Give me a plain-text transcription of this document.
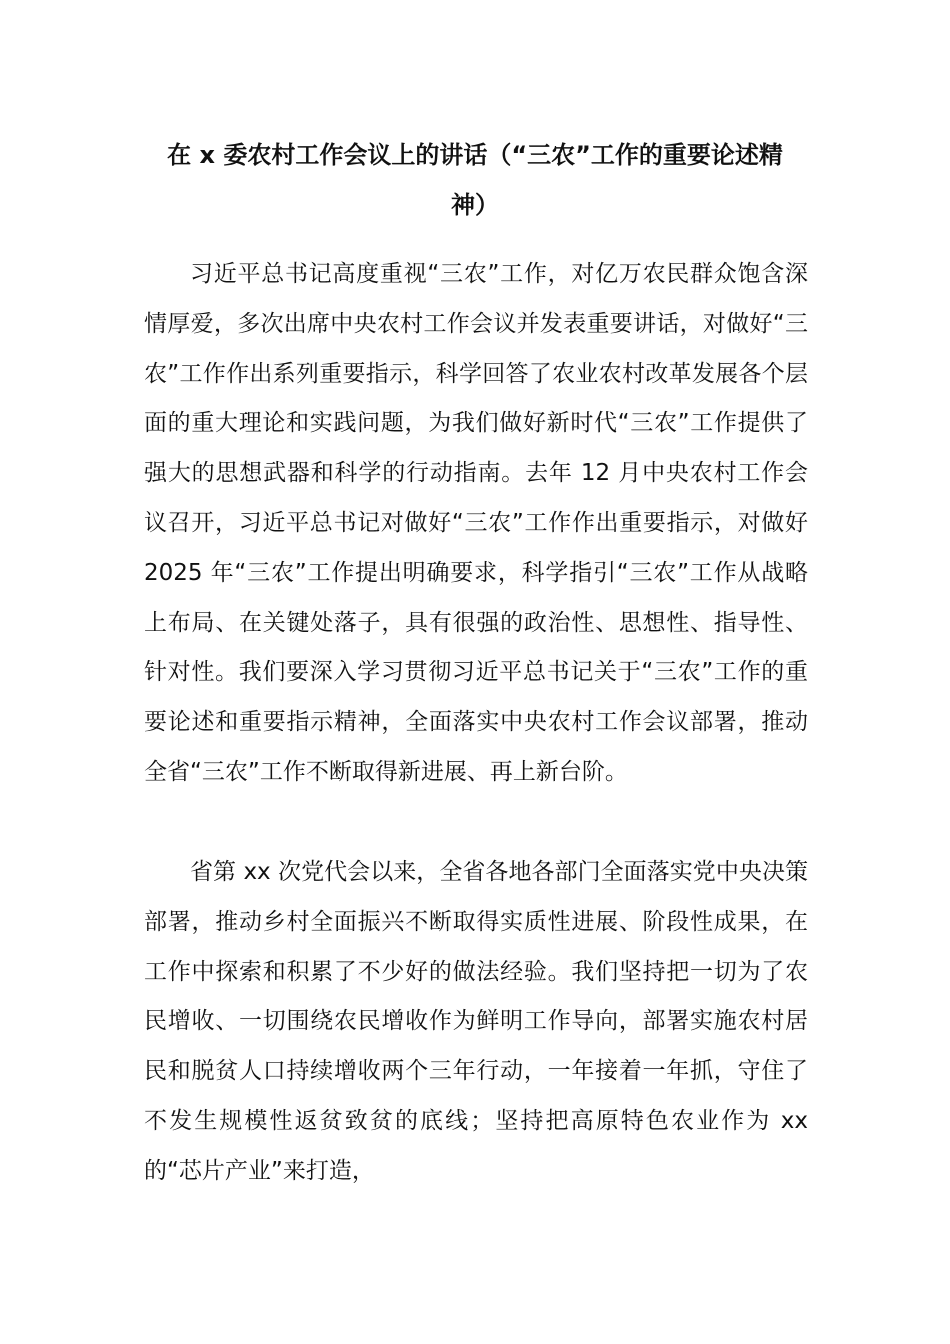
在 x 委农村工作会议上的讲话（“三农”工作的重要论述精神）

习近平总书记高度重视“三农”工作，对亿万农民群众饱含深情厚爱，多次出席中央农村工作会议并发表重要讲话，对做好“三农”工作作出系列重要指示，科学回答了农业农村改革发展各个层面的重大理论和实践问题，为我们做好新时代“三农”工作提供了强大的思想武器和科学的行动指南。去年 12 月中央农村工作会议召开，习近平总书记对做好“三农”工作作出重要指示，对做好 2025 年“三农”工作提出明确要求，科学指引“三农”工作从战略上布局、在关键处落子，具有很强的政治性、思想性、指导性、针对性。我们要深入学习贯彻习近平总书记关于“三农”工作的重要论述和重要指示精神，全面落实中央农村工作会议部署，推动全省“三农”工作不断取得新进展、再上新台阶。

省第 xx 次党代会以来，全省各地各部门全面落实党中央决策部署，推动乡村全面振兴不断取得实质性进展、阶段性成果，在工作中探索和积累了不少好的做法经验。我们坚持把一切为了农民增收、一切围绕农民增收作为鲜明工作导向，部署实施农村居民和脱贫人口持续增收两个三年行动，一年接着一年抓，守住了不发生规模性返贫致贫的底线；坚持把高原特色农业作为 xx 的“芯片产业”来打造，
